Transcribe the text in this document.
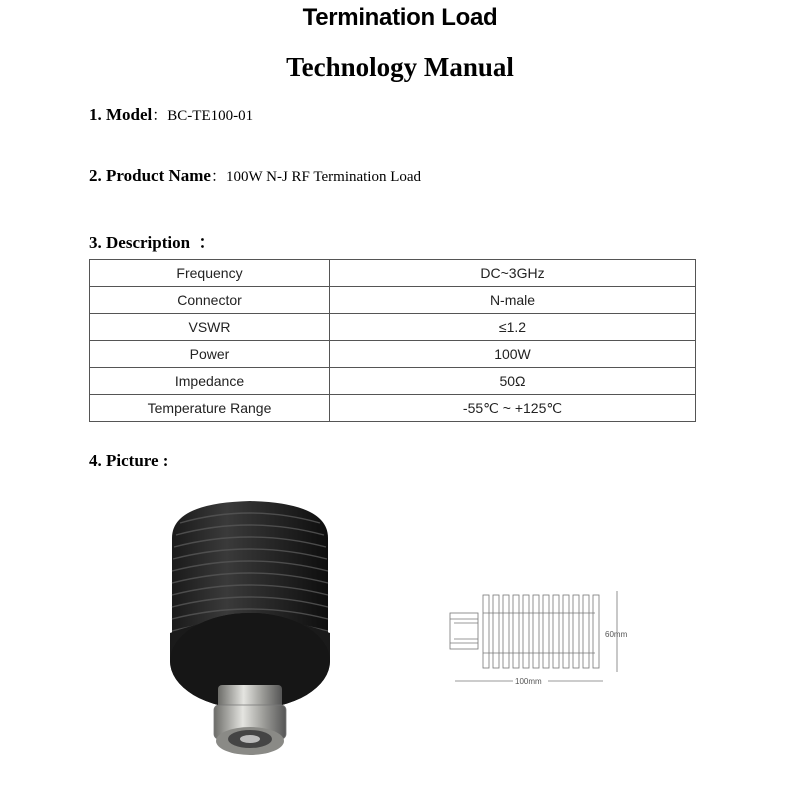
Termination Load
Technology Manual
1. Model：BC-TE100-01
2. Product Name：100W N-J RF Termination Load
3. Description  ：
Frequency	DC~3GHz
Connector	N-male
VSWR	≤1.2
Power	100W
Impedance	50Ω
Temperature Range	-55℃ ~ +125℃
4. Picture :
60mm
100mm
